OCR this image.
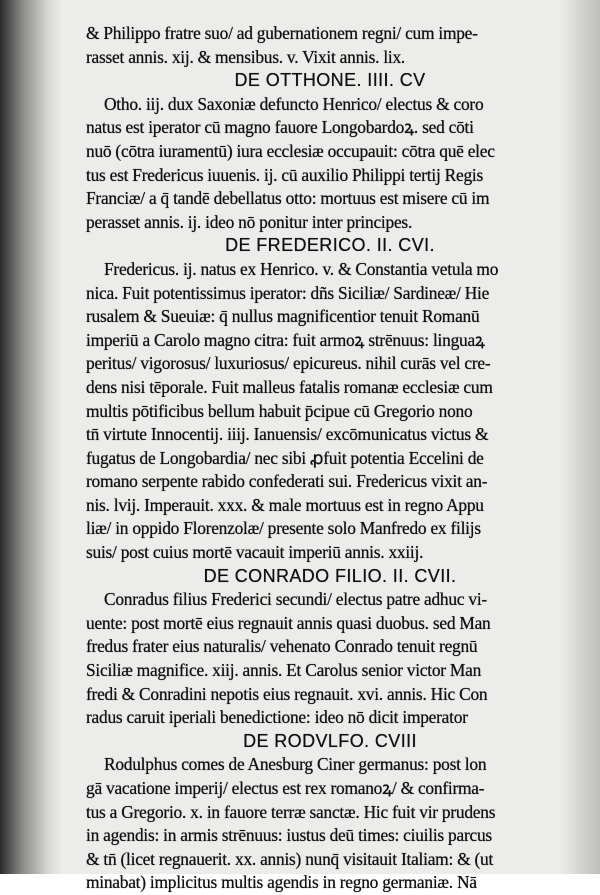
& Philippo fratre suo/ ad gubernationem regni/ cum impe-
rasset annis. xij. & mensibus. v. Vixit annis. lix.
DE OTTHONE. IIII. CV
Otho. iij. dux Saxoniæ defuncto Henrico/ electus & coro
natus est iperator cū magno fauore Longobardoꝝ. sed cōti
nuō (cōtra iuramentū) iura ecclesiæ occupauit: cōtra quē elec
tus est Fredericus iuuenis. ij. cū auxilio Philippi tertij Regis
Franciæ/ a q̄ tandē debellatus otto: mortuus est misere cū im
perasset annis. ij. ideo nō ponitur inter principes.
DE FREDERICO. II. CVI.
Fredericus. ij. natus ex Henrico. v. & Constantia vetula mo
nica. Fuit potentissimus iperator: dñs Siciliæ/ Sardineæ/ Hie
rusalem & Sueuiæ: q̄ nullus magnificentior tenuit Romanū
imperiū a Carolo magno citra: fuit armoꝝ strēnuus: linguaꝝ
peritus/ vigorosus/ luxuriosus/ epicureus. nihil curās vel cre-
dens nisi tēporale. Fuit malleus fatalis romanæ ecclesiæ cum
multis pōtificibus bellum habuit p̄cipue cū Gregorio nono
tn̄ virtute Innocentij. iiij. Ianuensis/ excōmunicatus victus &
fugatus de Longobardia/ nec sibi ꝓfuit potentia Eccelini de
romano serpente rabido confederati sui. Fredericus vixit an-
nis. lvij. Imperauit. xxx. & male mortuus est in regno Appu
liæ/ in oppido Florenzolæ/ presente solo Manfredo ex filijs
suis/ post cuius mortē vacauit imperiū annis. xxiij.
DE CONRADO FILIO. II. CVII.
Conradus filius Frederici secundi/ electus patre adhuc vi-
uente: post mortē eius regnauit annis quasi duobus. sed Man
fredus frater eius naturalis/ vehenato Conrado tenuit regnū
Siciliæ magnifice. xiij. annis. Et Carolus senior victor Man
fredi & Conradini nepotis eius regnauit. xvi. annis. Hic Con
radus caruit iperiali benedictione: ideo nō dicit imperator
DE RODVLFO. CVIII
Rodulphus comes de Anesburg Ciner germanus: post lon
gā vacatione imperij/ electus est rex romanoꝝ/ & confirma-
tus a Gregorio. x. in fauore terræ sanctæ. Hic fuit vir prudens
in agendis: in armis strēnuus: iustus deū times: ciuilis parcus
& tn̄ (licet regnauerit. xx. annis) nunq̄ visitauit Italiam: & (ut
minabat) implicitus multis agendis in regno germaniæ. Nā
